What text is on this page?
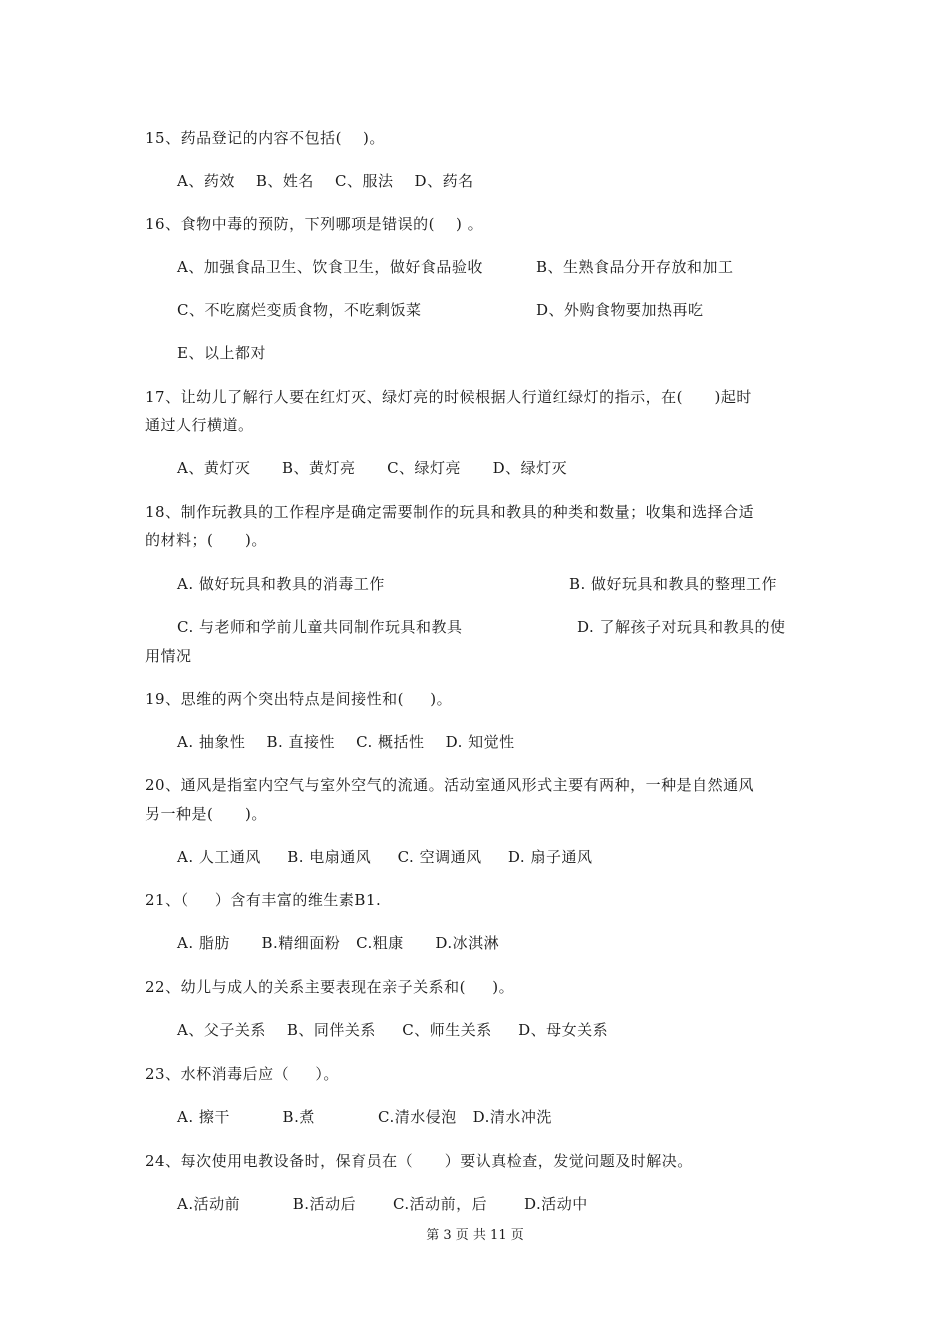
15、药品登记的内容不包括(    )。
A、药效    B、姓名    C、服法    D、药名
16、食物中毒的预防，下列哪项是错误的(    ) 。
A、加强食品卫生、饮食卫生，做好食品验收	B、生熟食品分开存放和加工
C、不吃腐烂变质食物，不吃剩饭菜	D、外购食物要加热再吃
E、以上都对
17、让幼儿了解行人要在红灯灭、绿灯亮的时候根据人行道红绿灯的指示，在(      )起时
通过人行横道。
A、黄灯灭      B、黄灯亮      C、绿灯亮      D、绿灯灭
18、制作玩教具的工作程序是确定需要制作的玩具和教具的种类和数量；收集和选择合适
的材料；(      )。
A. 做好玩具和教具的消毒工作	B. 做好玩具和教具的整理工作
C. 与老师和学前儿童共同制作玩具和教具	D. 了解孩子对玩具和教具的使
用情况
19、思维的两个突出特点是间接性和(     )。
A. 抽象性    B. 直接性    C. 概括性    D. 知觉性
20、通风是指室内空气与室外空气的流通。活动室通风形式主要有两种，一种是自然通风
另一种是(      )。
A. 人工通风     B. 电扇通风     C. 空调通风     D. 扇子通风
21、（     ）含有丰富的维生素B1.
A. 脂肪      B.精细面粉   C.粗康      D.冰淇淋
22、幼儿与成人的关系主要表现在亲子关系和(     )。
A、父子关系    B、同伴关系     C、师生关系     D、母女关系
23、水杯消毒后应（     ）。
A. 擦干          B.煮            C.清水侵泡   D.清水冲洗
24、每次使用电教设备时，保育员在（      ）要认真检查，发觉问题及时解决。
A.活动前          B.活动后       C.活动前，后       D.活动中
第 3 页 共 11 页
